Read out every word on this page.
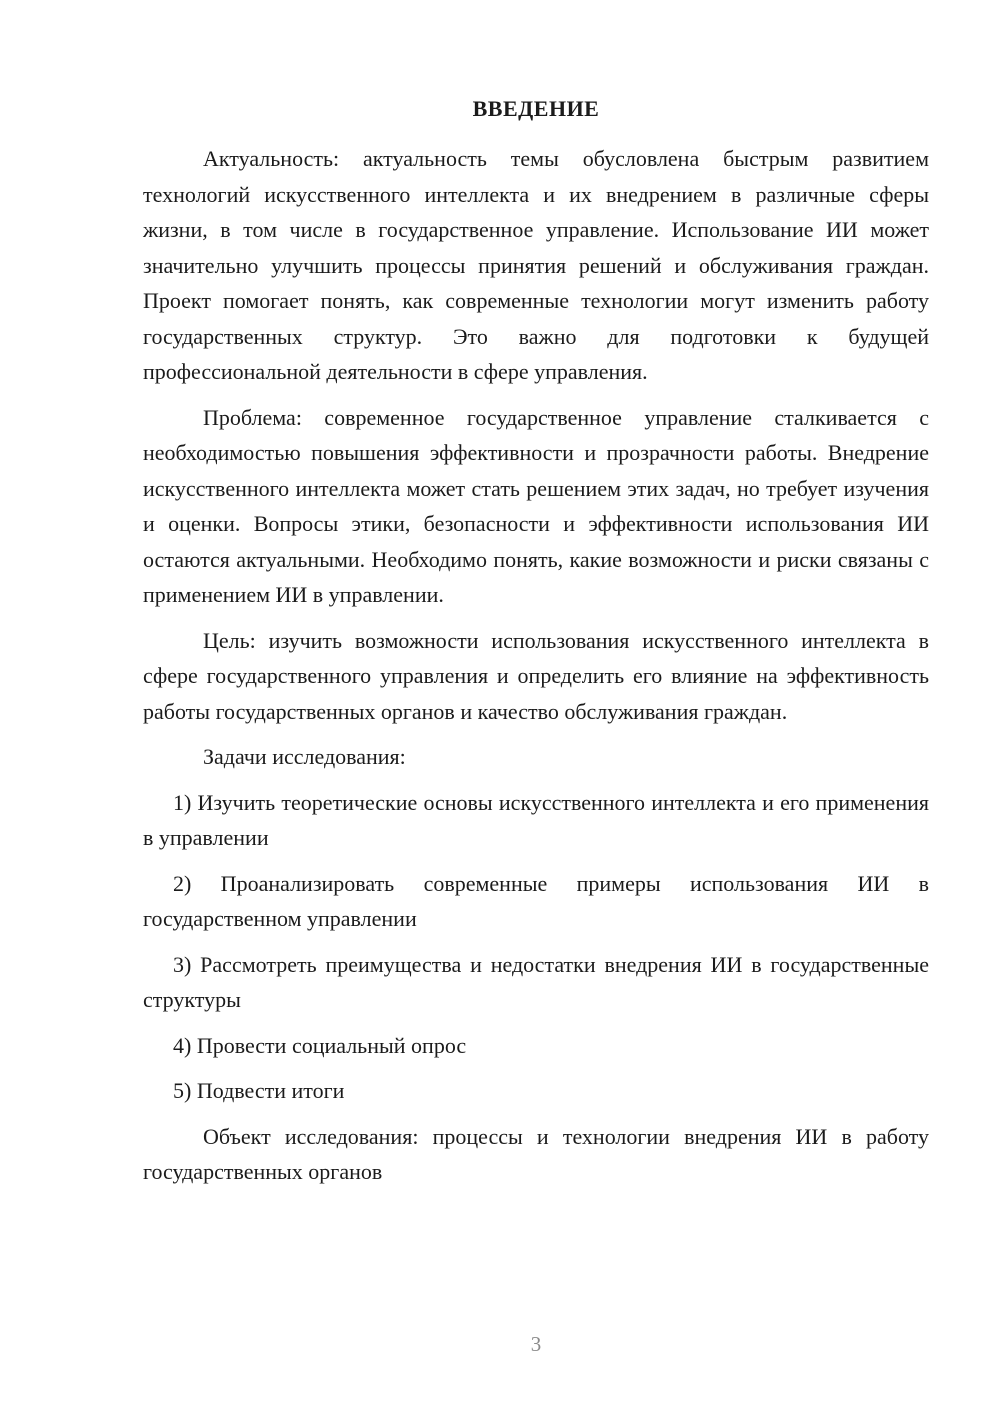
ВВЕДЕНИЕ

Актуальность: актуальность темы обусловлена быстрым развитием технологий искусственного интеллекта и их внедрением в различные сферы жизни, в том числе в государственное управление. Использование ИИ может значительно улучшить процессы принятия решений и обслуживания граждан. Проект помогает понять, как современные технологии могут изменить работу государственных структур. Это важно для подготовки к будущей профессиональной деятельности в сфере управления.

Проблема: современное государственное управление сталкивается с необходимостью повышения эффективности и прозрачности работы. Внедрение искусственного интеллекта может стать решением этих задач, но требует изучения и оценки. Вопросы этики, безопасности и эффективности использования ИИ остаются актуальными. Необходимо понять, какие возможности и риски связаны с применением ИИ в управлении.

Цель: изучить возможности использования искусственного интеллекта в сфере государственного управления и определить его влияние на эффективность работы государственных органов и качество обслуживания граждан.

Задачи исследования:

1) Изучить теоретические основы искусственного интеллекта и его применения в управлении

2) Проанализировать современные примеры использования ИИ в государственном управлении

3) Рассмотреть преимущества и недостатки внедрения ИИ в государственные структуры

4) Провести социальный опрос

5) Подвести итоги

Объект исследования: процессы и технологии внедрения ИИ в работу государственных органов

3
